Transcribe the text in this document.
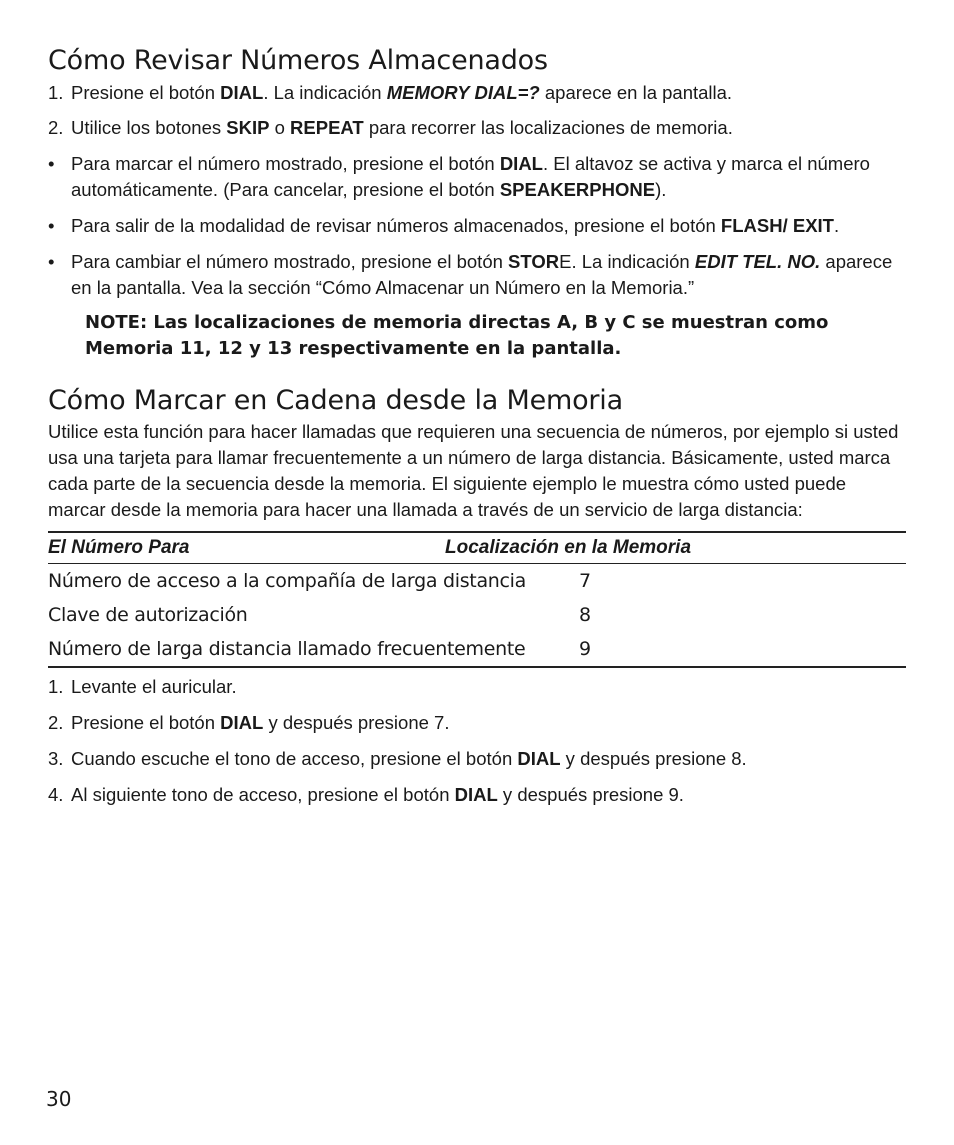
Cómo Revisar Números Almacenados
1. Presione el botón DIAL. La indicación MEMORY DIAL=? aparece en la pantalla.
2. Utilice los botones SKIP o REPEAT para recorrer las localizaciones de memoria.
• Para marcar el número mostrado, presione el botón DIAL. El altavoz se activa y marca el número automáticamente. (Para cancelar, presione el botón SPEAKERPHONE).
• Para salir de la modalidad de revisar números almacenados, presione el botón FLASH/ EXIT.
• Para cambiar el número mostrado, presione el botón STORE. La indicación EDIT TEL. NO. aparece en la pantalla. Vea la sección “Cómo Almacenar un Número en la Memoria.”
NOTE: Las localizaciones de memoria directas A, B y C se muestran como Memoria 11, 12 y 13 respectivamente en la pantalla.
Cómo Marcar en Cadena desde la Memoria
Utilice esta función para hacer llamadas que requieren una secuencia de números, por ejemplo si usted usa una tarjeta para llamar frecuentemente a un número de larga distancia. Básicamente, usted marca cada parte de la secuencia desde la memoria. El siguiente ejemplo le muestra cómo usted puede marcar desde la memoria para hacer una llamada a través de un servicio de larga distancia:
El Número Para	Localización en la Memoria
Número de acceso a la compañía de larga distancia	7
Clave de autorización	8
Número de larga distancia llamado frecuentemente	9
1. Levante el auricular.
2. Presione el botón DIAL y después presione 7.
3. Cuando escuche el tono de acceso, presione el botón DIAL y después presione 8.
4. Al siguiente tono de acceso, presione el botón DIAL y después presione 9.
30
